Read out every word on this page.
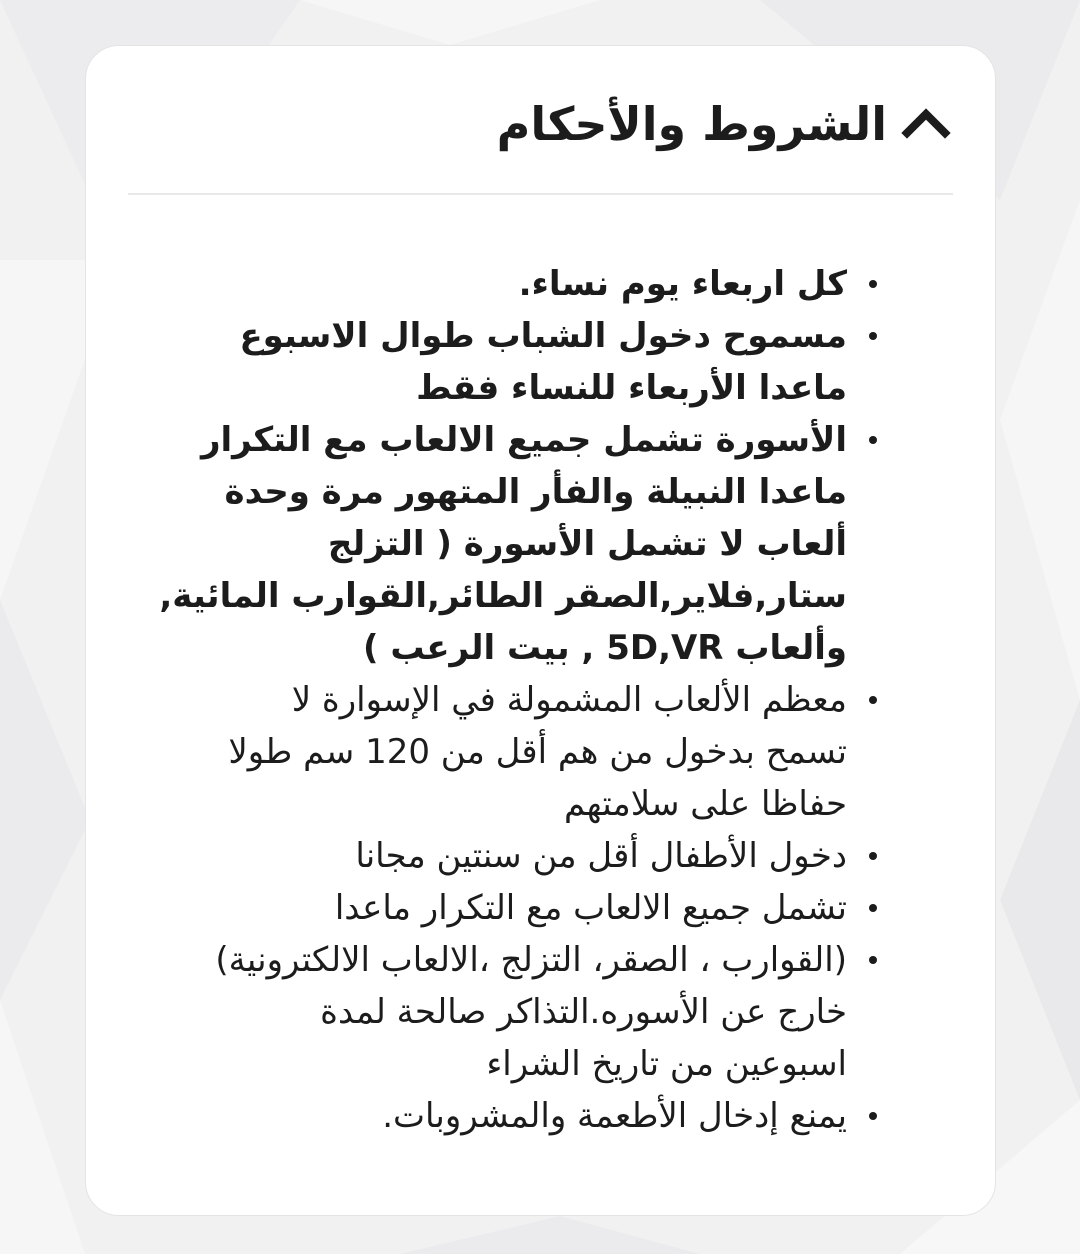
الشروط والأحكام
كل اربعاء يوم نساء.
مسموح دخول الشباب طوال الاسبوع
ماعدا الأربعاء للنساء فقط
الأسورة تشمل جميع الالعاب مع التكرار
ماعدا النبيلة والفأر المتهور مرة وحدة
ألعاب لا تشمل الأسورة ( التزلج
ستار,فلاير,الصقر الطائر,القوارب المائية,
وألعاب 5D,VR , بيت الرعب )
معظم الألعاب المشمولة في الإسوارة لا
تسمح بدخول من هم أقل من 120 سم طولا
حفاظا على سلامتهم
دخول الأطفال أقل من سنتين مجانا
تشمل جميع الالعاب مع التكرار ماعدا
(القوارب ، الصقر، التزلج ،الالعاب الالكترونية)
خارج عن الأسوره.التذاكر صالحة لمدة
اسبوعين من تاريخ الشراء
يمنع إدخال الأطعمة والمشروبات.
